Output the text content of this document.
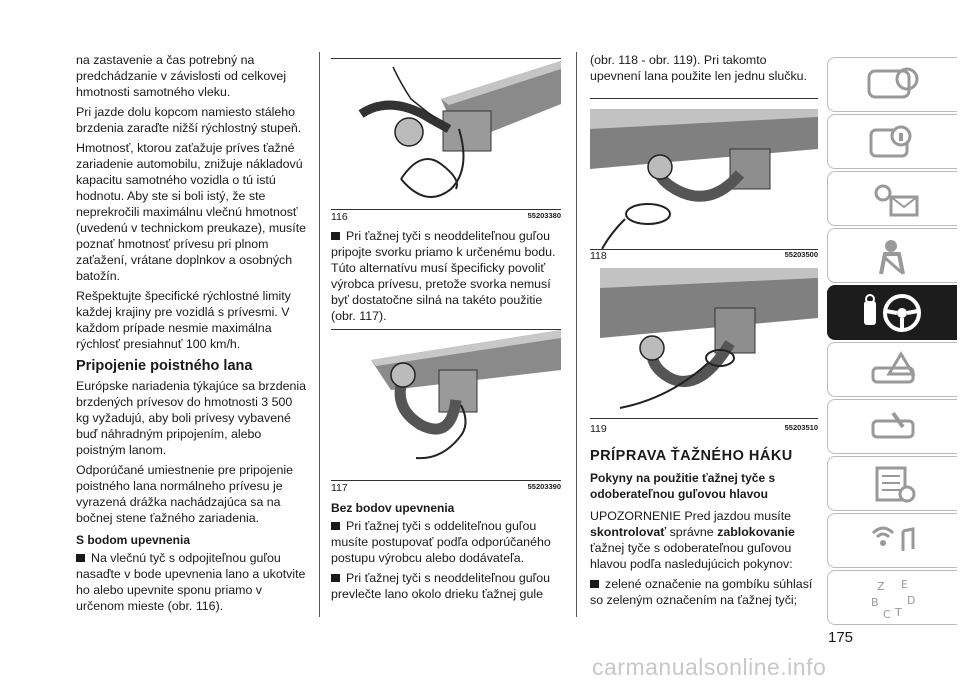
na zastavenie a čas potrebný na predchádzanie v závislosti od celkovej hmotnosti samotného vleku.

Pri jazde dolu kopcom namiesto stáleho brzdenia zaraďte nižší rýchlostný stupeň.

Hmotnosť, ktorou zaťažuje príves ťažné zariadenie automobilu, znižuje nákladovú kapacitu samotného vozidla o tú istú hodnotu. Aby ste si boli istý, že ste neprekročili maximálnu vlečnú hmotnosť (uvedenú v technickom preukaze), musíte poznať hmotnosť prívesu pri plnom zaťažení, vrátane doplnkov a osobných batožín.

Rešpektujte špecifické rýchlostné limity každej krajiny pre vozidlá s prívesmi. V každom prípade nesmie maximálna rýchlosť presiahnuť 100 km/h.

Pripojenie poistného lana

Európske nariadenia týkajúce sa brzdenia brzdených prívesov do hmotnosti 3 500 kg vyžadujú, aby boli prívesy vybavené buď náhradným pripojením, alebo poistným lanom.

Odporúčané umiestnenie pre pripojenie poistného lana normálneho prívesu je vyrazená drážka nachádzajúca sa na bočnej stene ťažného zariadenia.

S bodom upevnenia

Na vlečnú tyč s odpojiteľnou guľou nasaďte v bode upevnenia lano a ukotvite ho alebo upevnite sponu priamo v určenom mieste (obr. 116).

116	55203380

Pri ťažnej tyči s neoddeliteľnou guľou pripojte svorku priamo k určenému bodu. Túto alternatívu musí špecificky povoliť výrobca prívesu, pretože svorka nemusí byť dostatočne silná na takéto použitie (obr. 117).

117	55203390
Bez bodov upevnenia

Pri ťažnej tyči s oddeliteľnou guľou musíte postupovať podľa odporúčaného postupu výrobcu alebo dodávateľa.

Pri ťažnej tyči s neoddeliteľnou guľou prevlečte lano okolo drieku ťažnej gule

(obr. 118 - obr. 119). Pri takomto upevnení lana použite len jednu slučku.

118	55203500
119	55203510
PRÍPRAVA ŤAŽNÉHO HÁKU
Pokyny na použitie ťažnej tyče s odoberateľnou guľovou hlavou

UPOZORNENIE Pred jazdou musíte skontrolovať správne zablokovanie ťažnej tyče s odoberateľnou guľovou hlavou podľa nasledujúcich pokynov:

zelené označenie na gombíku súhlasí so zeleným označením na ťažnej tyči;

Z E
B	D
C T
175
carmanualsonline.info
